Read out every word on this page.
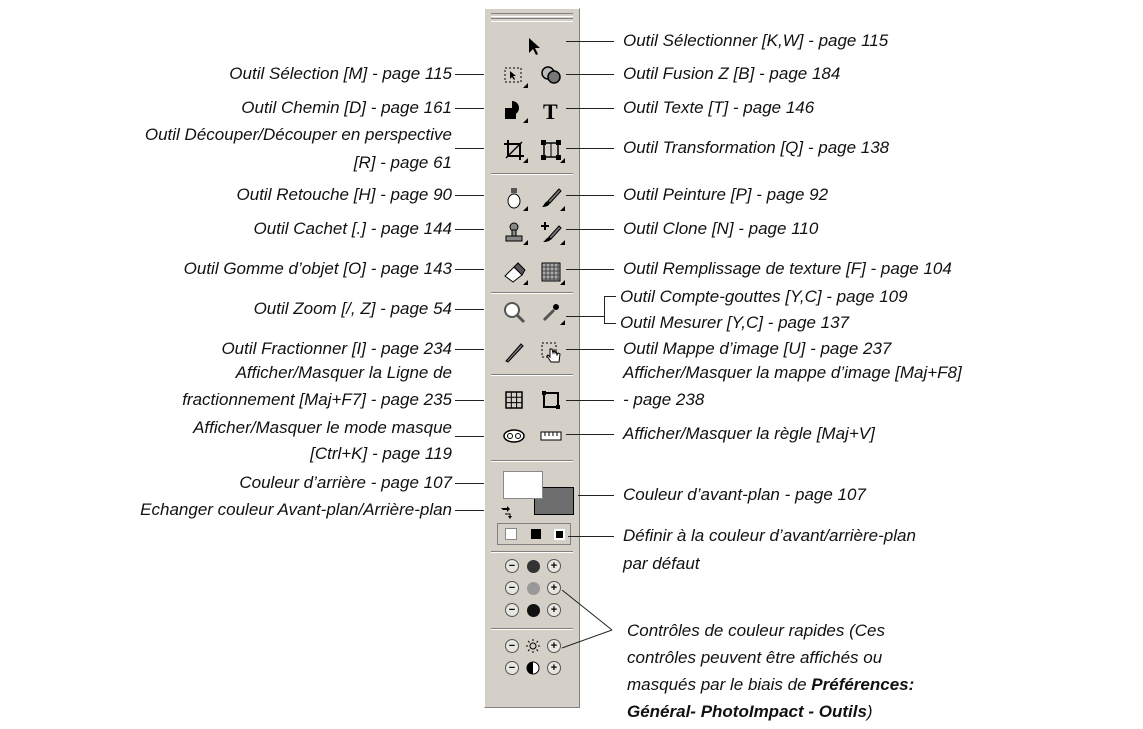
Outil Sélection [M] - page 115
Outil Chemin [D] - page 161
Outil Découper/Découper en perspective
[R] - page 61
Outil Retouche [H] - page 90
Outil Cachet [.] - page 144
Outil Gomme d’objet [O] - page 143
Outil Zoom [/, Z] - page 54
Outil Fractionner [I] - page 234
Afficher/Masquer la Ligne de
fractionnement [Maj+F7] - page 235
Afficher/Masquer le mode masque
[Ctrl+K] - page 119
Couleur d’arrière - page 107
Echanger couleur Avant-plan/Arrière-plan
T
−	+
−	+
−	+
−	+
−	+
Outil Sélectionner [K,W] - page 115
Outil Fusion Z [B] - page 184
Outil Texte [T] - page 146
Outil Transformation [Q] - page 138
Outil Peinture [P] - page 92
Outil Clone [N] - page 110
Outil Remplissage de texture [F] - page 104
Outil Compte-gouttes [Y,C] - page 109
Outil Mesurer [Y,C] - page 137
Outil Mappe d’image [U] - page 237
Afficher/Masquer la mappe d’image [Maj+F8]
- page 238
Afficher/Masquer la règle [Maj+V]
Couleur d’avant-plan - page 107
Définir à la couleur d’avant/arrière-plan
par défaut
Contrôles de couleur rapides (Ces
contrôles peuvent être affichés ou
masqués par le biais de Préférences:
Général- PhotoImpact - Outils)
